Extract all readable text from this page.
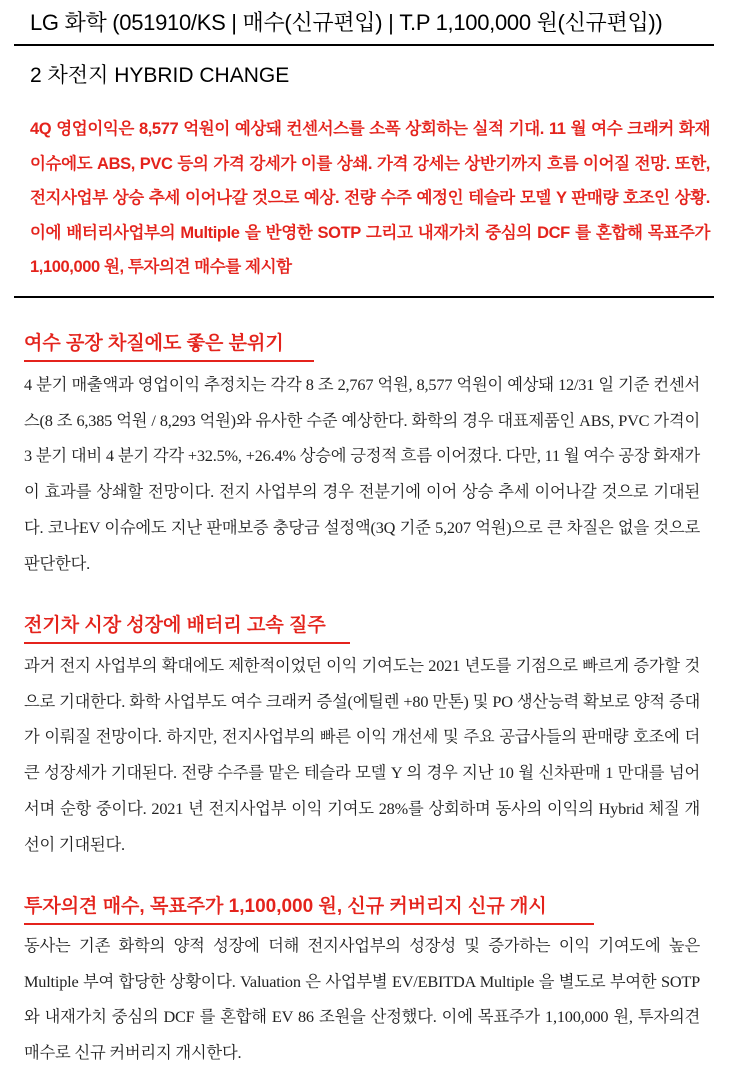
LG 화학 (051910/KS | 매수(신규편입) | T.P 1,100,000 원(신규편입))
2 차전지 HYBRID CHANGE
4Q 영업이익은 8,577 억원이 예상돼 컨센서스를 소폭 상회하는 실적 기대. 11 월 여수 크래커 화재 이슈에도 ABS, PVC 등의 가격 강세가 이를 상쇄. 가격 강세는 상반기까지 흐름 이어질 전망. 또한, 전지사업부 상승 추세 이어나갈 것으로 예상. 전량 수주 예정인 테슬라 모델 Y 판매량 호조인 상황. 이에 배터리사업부의 Multiple 을 반영한 SOTP 그리고 내재가치 중심의 DCF 를 혼합해 목표주가 1,100,000 원, 투자의견 매수를 제시함
여수 공장 차질에도 좋은 분위기
4 분기 매출액과 영업이익 추정치는 각각 8 조 2,767 억원, 8,577 억원이 예상돼 12/31 일 기준 컨센서스(8 조 6,385 억원 / 8,293 억원)와 유사한 수준 예상한다. 화학의 경우 대표제품인 ABS, PVC 가격이 3 분기 대비 4 분기 각각 +32.5%, +26.4% 상승에 긍정적 흐름 이어졌다. 다만, 11 월 여수 공장 화재가 이 효과를 상쇄할 전망이다. 전지 사업부의 경우 전분기에 이어 상승 추세 이어나갈 것으로 기대된다. 코나EV 이슈에도 지난 판매보증 충당금 설정액(3Q 기준 5,207 억원)으로 큰 차질은 없을 것으로 판단한다.
전기차 시장 성장에 배터리 고속 질주
과거 전지 사업부의 확대에도 제한적이었던 이익 기여도는 2021 년도를 기점으로 빠르게 증가할 것으로 기대한다. 화학 사업부도 여수 크래커 증설(에틸렌 +80 만톤) 및 PO 생산능력 확보로 양적 증대가 이뤄질 전망이다. 하지만, 전지사업부의 빠른 이익 개선세 및 주요 공급사들의 판매량 호조에 더 큰 성장세가 기대된다. 전량 수주를 맡은 테슬라 모델 Y 의 경우 지난 10 월 신차판매 1 만대를 넘어서며 순항 중이다. 2021 년 전지사업부 이익 기여도 28%를 상회하며 동사의 이익의 Hybrid 체질 개선이 기대된다.
투자의견 매수, 목표주가 1,100,000 원, 신규 커버리지 신규 개시
동사는 기존 화학의 양적 성장에 더해 전지사업부의 성장성 및 증가하는 이익 기여도에 높은 Multiple 부여 합당한 상황이다. Valuation 은 사업부별 EV/EBITDA Multiple 을 별도로 부여한 SOTP 와 내재가치 중심의 DCF 를 혼합해 EV 86 조원을 산정했다. 이에 목표주가 1,100,000 원, 투자의견 매수로 신규 커버리지 개시한다.
